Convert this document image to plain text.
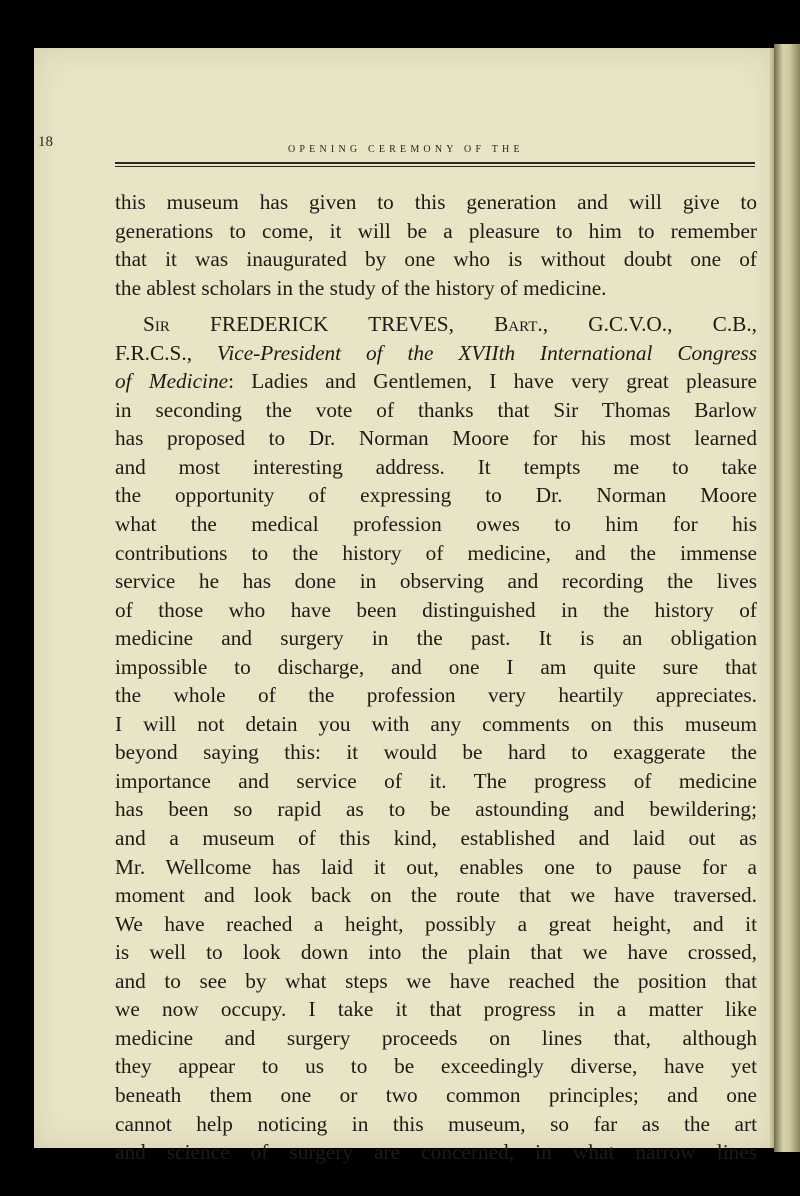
18	OPENING CEREMONY OF THE
this museum has given to this generation and will give to
generations to come, it will be a pleasure to him to remember
that it was inaugurated by one who is without doubt one of
the ablest scholars in the study of the history of medicine.
Sir FREDERICK TREVES, Bart., G.C.V.O., C.B.,
F.R.C.S., Vice-President of the XVIIth International Congress
of Medicine: Ladies and Gentlemen, I have very great pleasure
in seconding the vote of thanks that Sir Thomas Barlow
has proposed to Dr. Norman Moore for his most learned
and most interesting address. It tempts me to take
the opportunity of expressing to Dr. Norman Moore
what the medical profession owes to him for his
contributions to the history of medicine, and the immense
service he has done in observing and recording the lives
of those who have been distinguished in the history of
medicine and surgery in the past. It is an obligation
impossible to discharge, and one I am quite sure that
the whole of the profession very heartily appreciates.
I will not detain you with any comments on this museum
beyond saying this: it would be hard to exaggerate the
importance and service of it. The progress of medicine
has been so rapid as to be astounding and bewildering;
and a museum of this kind, established and laid out as
Mr. Wellcome has laid it out, enables one to pause for a
moment and look back on the route that we have traversed.
We have reached a height, possibly a great height, and it
is well to look down into the plain that we have crossed,
and to see by what steps we have reached the position that
we now occupy. I take it that progress in a matter like
medicine and surgery proceeds on lines that, although
they appear to us to be exceedingly diverse, have yet
beneath them one or two common principles; and one
cannot help noticing in this museum, so far as the art
and science of surgery are concerned, in what narrow lines
